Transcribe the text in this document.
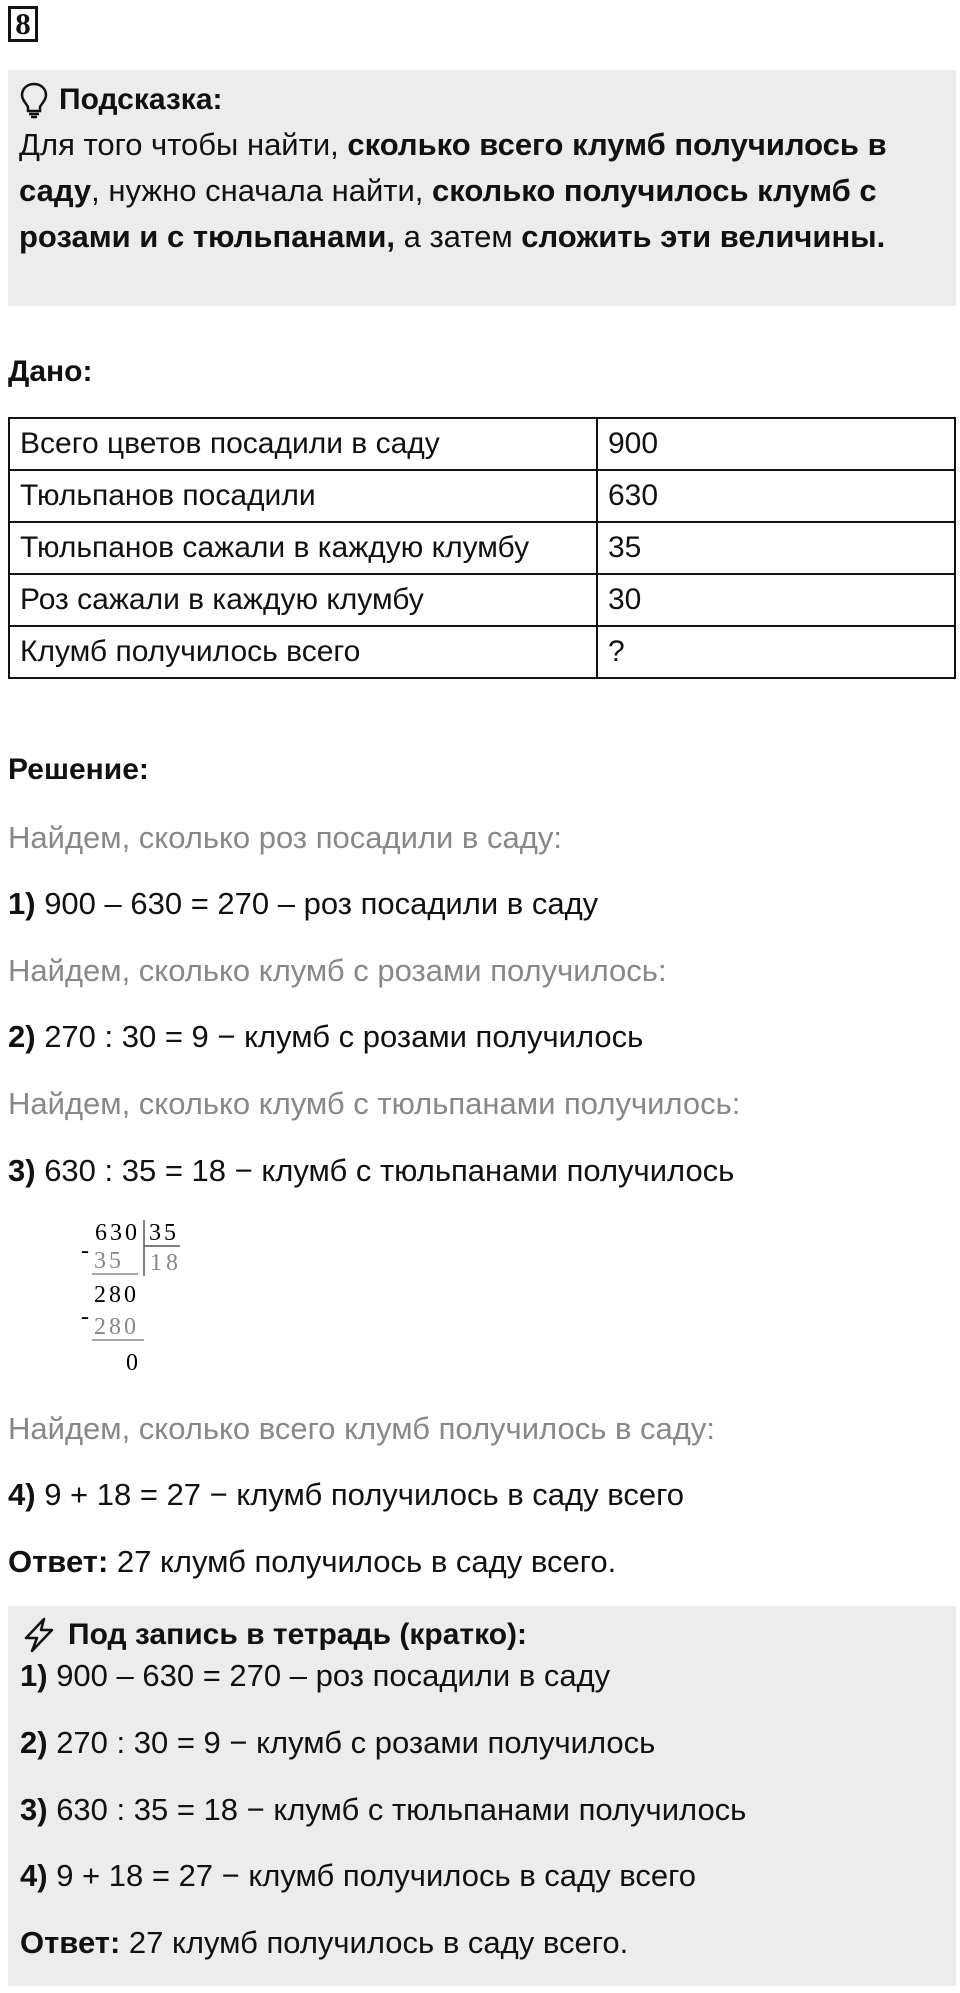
8
Подсказка:
Для того чтобы найти, сколько всего клумб получилось в саду, нужно сначала найти, сколько получилось клумб с розами и с тюльпанами, а затем сложить эти величины.
Дано:
Всего цветов посадили в саду	900
Тюльпанов посадили	630
Тюльпанов сажали в каждую клумбу	35
Роз сажали в каждую клумбу	30
Клумб получилось всего	?
Решение:
Найдем, сколько роз посадили в саду:
1) 900 – 630 = 270 – роз посадили в саду
Найдем, сколько клумб с розами получилось:
2) 270 : 30 = 9 − клумб с розами получилось
Найдем, сколько клумб с тюльпанами получилось:
3) 630 : 35 = 18 − клумб с тюльпанами получилось
630 35
- 35 18
280
- 280
0
Найдем, сколько всего клумб получилось в саду:
4) 9 + 18 = 27 − клумб получилось в саду всего
Ответ: 27 клумб получилось в саду всего.
Под запись в тетрадь (кратко):
1) 900 – 630 = 270 – роз посадили в саду
2) 270 : 30 = 9 − клумб с розами получилось
3) 630 : 35 = 18 − клумб с тюльпанами получилось
4) 9 + 18 = 27 − клумб получилось в саду всего
Ответ: 27 клумб получилось в саду всего.
